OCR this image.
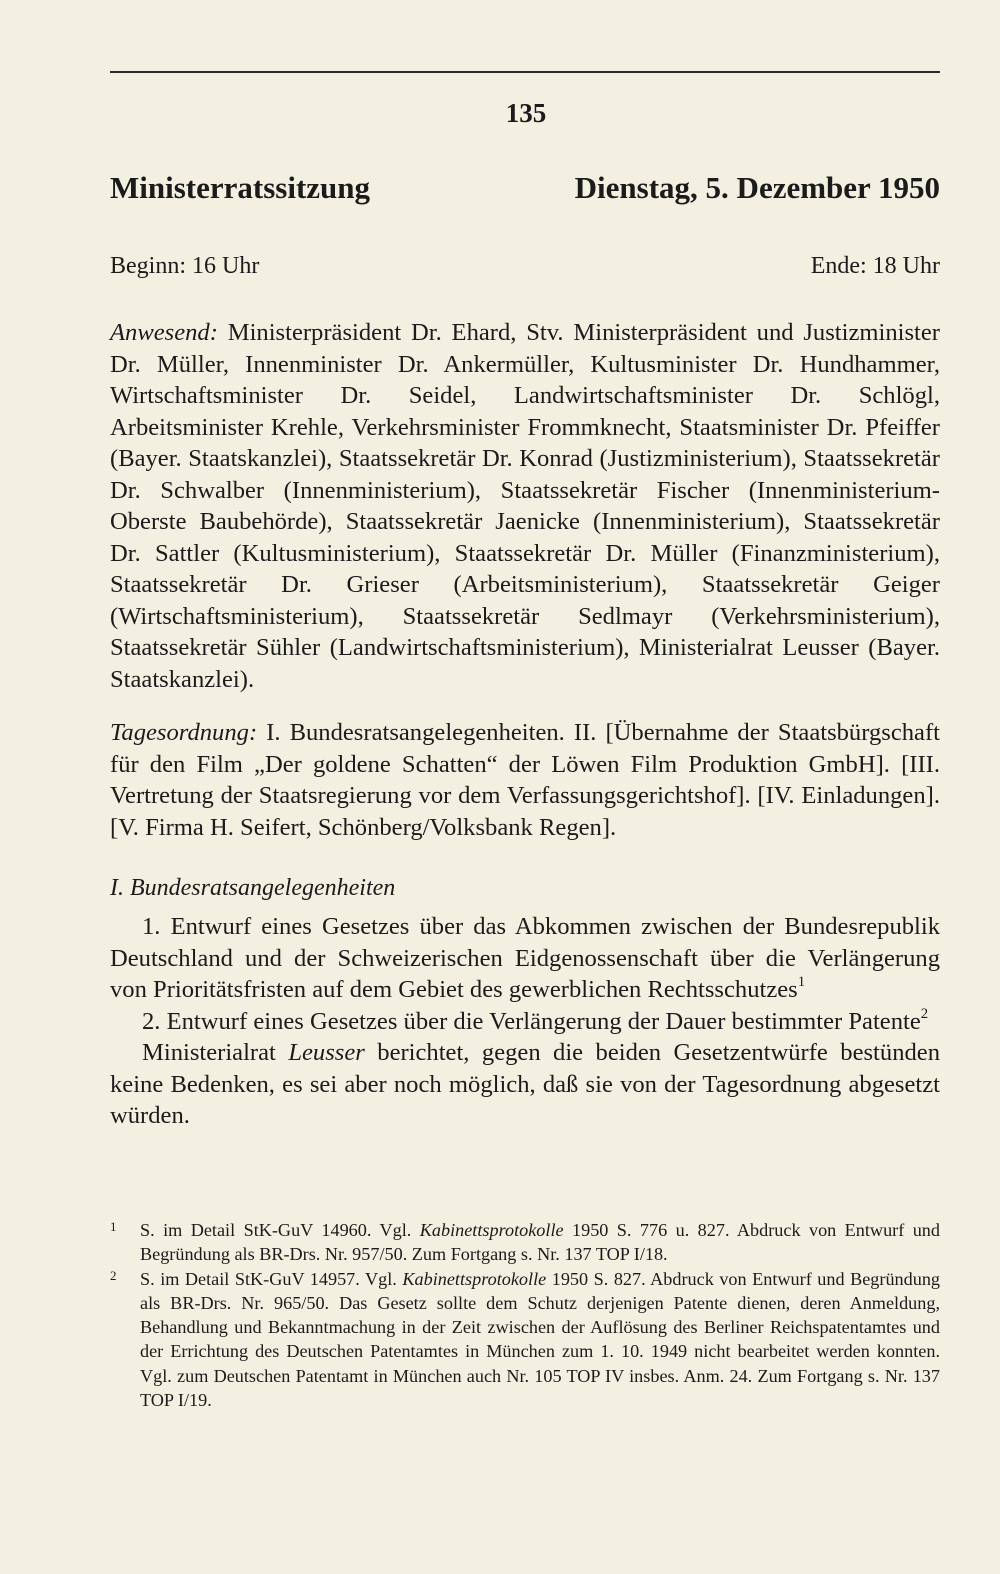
135
Ministerratssitzung	Dienstag, 5. Dezember 1950
Beginn: 16 Uhr	Ende: 18 Uhr
Anwesend: Ministerpräsident Dr. Ehard, Stv. Ministerpräsident und Justizminister Dr. Müller, Innenminister Dr. Ankermüller, Kultusminister Dr. Hundhammer, Wirtschaftsminister Dr. Seidel, Landwirtschaftsminister Dr. Schlögl, Arbeitsminister Krehle, Verkehrsminister Frommknecht, Staatsminister Dr. Pfeiffer (Bayer. Staatskanzlei), Staatssekretär Dr. Konrad (Justizministerium), Staatssekretär Dr. Schwalber (Innenministerium), Staatssekretär Fischer (Innenministerium-Oberste Baubehörde), Staatssekretär Jaenicke (Innenministerium), Staatssekretär Dr. Sattler (Kultusministerium), Staatssekretär Dr. Müller (Finanzministerium), Staatssekretär Dr. Grieser (Arbeitsministerium), Staatssekretär Geiger (Wirtschaftsministerium), Staatssekretär Sedlmayr (Verkehrsministerium), Staatssekretär Sühler (Landwirtschaftsministerium), Ministerialrat Leusser (Bayer. Staatskanzlei).
Tagesordnung: I. Bundesratsangelegenheiten. II. [Übernahme der Staatsbürgschaft für den Film „Der goldene Schatten“ der Löwen Film Produktion GmbH]. [III. Vertretung der Staatsregierung vor dem Verfassungsgerichtshof]. [IV. Einladungen]. [V. Firma H. Seifert, Schönberg/Volksbank Regen].
I. Bundesratsangelegenheiten

1. Entwurf eines Gesetzes über das Abkommen zwischen der Bundesrepublik Deutschland und der Schweizerischen Eidgenossenschaft über die Verlängerung von Prioritätsfristen auf dem Gebiet des gewerblichen Rechtsschutzes$^1$

2. Entwurf eines Gesetzes über die Verlängerung der Dauer bestimmter Patente$^2$

Ministerialrat Leusser berichtet, gegen die beiden Gesetzentwürfe bestünden keine Bedenken, es sei aber noch möglich, daß sie von der Tagesordnung abgesetzt würden.

1 S. im Detail StK-GuV 14960. Vgl. Kabinettsprotokolle 1950 S. 776 u. 827. Abdruck von Entwurf und Begründung als BR-Drs. Nr. 957/50. Zum Fortgang s. Nr. 137 TOP I/18.
2 S. im Detail StK-GuV 14957. Vgl. Kabinettsprotokolle 1950 S. 827. Abdruck von Entwurf und Begründung als BR-Drs. Nr. 965/50. Das Gesetz sollte dem Schutz derjenigen Patente dienen, deren Anmeldung, Behandlung und Bekanntmachung in der Zeit zwischen der Auflösung des Berliner Reichspatentamtes und der Errichtung des Deutschen Patentamtes in München zum 1. 10. 1949 nicht bearbeitet werden konnten. Vgl. zum Deutschen Patentamt in München auch Nr. 105 TOP IV insbes. Anm. 24. Zum Fortgang s. Nr. 137 TOP I/19.
